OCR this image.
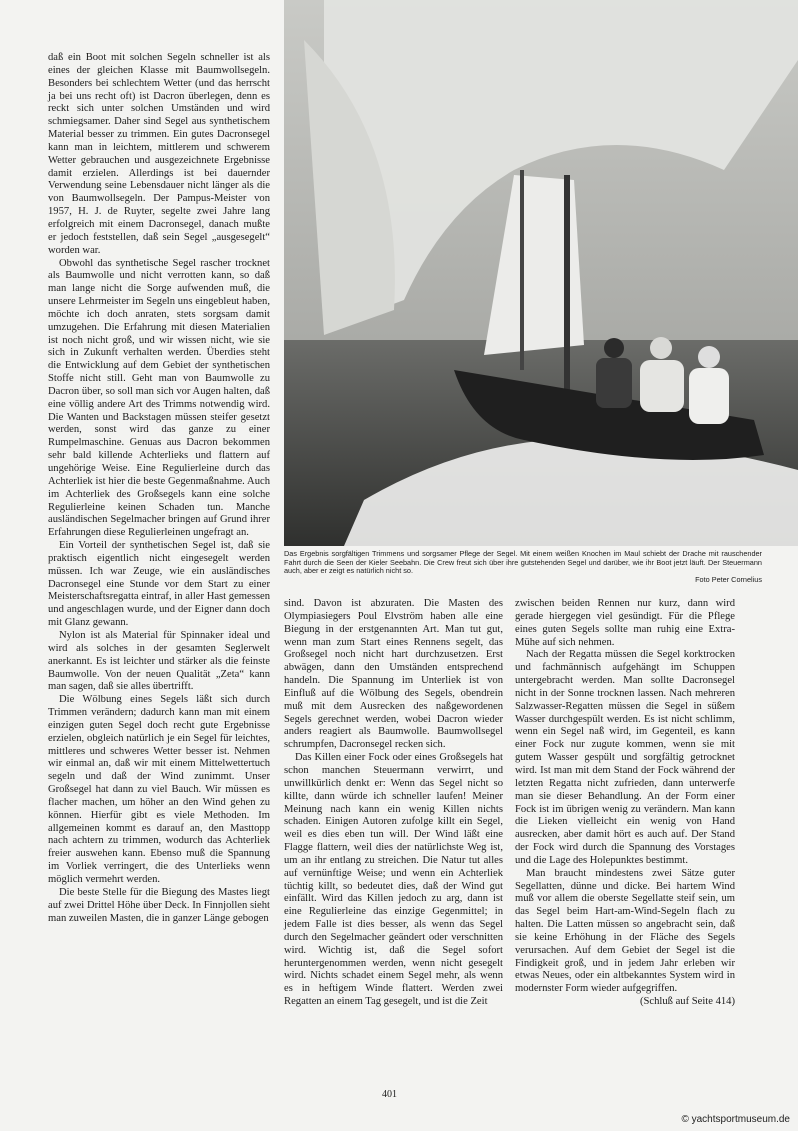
daß ein Boot mit solchen Segeln schneller ist als eines der gleichen Klasse mit Baumwollsegeln. Besonders bei schlechtem Wetter (und das herrscht ja bei uns recht oft) ist Dacron überlegen, denn es reckt sich unter solchen Umständen und wird schmiegsamer. Daher sind Segel aus synthetischem Material besser zu trimmen. Ein gutes Dacronsegel kann man in leichtem, mittlerem und schwerem Wetter gebrauchen und ausgezeichnete Ergebnisse damit erzielen. Allerdings ist bei dauernder Verwendung seine Lebensdauer nicht länger als die von Baumwollsegeln. Der Pampus-Meister von 1957, H. J. de Ruyter, segelte zwei Jahre lang erfolgreich mit einem Dacronsegel, danach mußte er jedoch feststellen, daß sein Segel „ausgesegelt“ worden war.

Obwohl das synthetische Segel rascher trocknet als Baumwolle und nicht verrotten kann, so daß man lange nicht die Sorge aufwenden muß, die unsere Lehrmeister im Segeln uns eingebleut haben, möchte ich doch anraten, stets sorgsam damit umzugehen. Die Erfahrung mit diesen Materialien ist noch nicht groß, und wir wissen nicht, wie sie sich in Zukunft verhalten werden. Überdies steht die Entwicklung auf dem Gebiet der synthetischen Stoffe nicht still. Geht man von Baumwolle zu Dacron über, so soll man sich vor Augen halten, daß eine völlig andere Art des Trimms notwendig wird. Die Wanten und Backstagen müssen steifer gesetzt werden, sonst wird das ganze zu einer Rumpelmaschine. Genuas aus Dacron bekommen sehr bald killende Achterlieks und flattern auf ungehörige Weise. Eine Regulierleine durch das Achterliek ist hier die beste Gegenmaßnahme. Auch im Achterliek des Großsegels kann eine solche Regulierleine keinen Schaden tun. Manche ausländischen Segelmacher bringen auf Grund ihrer Erfahrungen diese Regulierleinen ungefragt an.

Ein Vorteil der synthetischen Segel ist, daß sie praktisch eigentlich nicht eingesegelt werden müssen. Ich war Zeuge, wie ein ausländisches Dacronsegel eine Stunde vor dem Start zu einer Meisterschaftsregatta eintraf, in aller Hast gemessen und angeschlagen wurde, und der Eigner dann doch mit Glanz gewann.

Nylon ist als Material für Spinnaker ideal und wird als solches in der gesamten Seglerwelt anerkannt. Es ist leichter und stärker als die feinste Baumwolle. Von der neuen Qualität „Zeta“ kann man sagen, daß sie alles übertrifft.

Die Wölbung eines Segels läßt sich durch Trimmen verändern; dadurch kann man mit einem einzigen guten Segel doch recht gute Ergebnisse erzielen, obgleich natürlich je ein Segel für leichtes, mittleres und schweres Wetter besser ist. Nehmen wir einmal an, daß wir mit einem Mittelwettertuch segeln und daß der Wind zunimmt. Unser Großsegel hat dann zu viel Bauch. Wir müssen es flacher machen, um höher an den Wind gehen zu können. Hierfür gibt es viele Methoden. Im allgemeinen kommt es darauf an, den Masttopp nach achtern zu trimmen, wodurch das Achterliek freier auswehen kann. Ebenso muß die Spannung im Vorliek verringert, die des Unterlieks wenn möglich vermehrt werden.

Die beste Stelle für die Biegung des Mastes liegt auf zwei Drittel Höhe über Deck. In Finnjollen sieht man zuweilen Masten, die in ganzer Länge gebogen

Das Ergebnis sorgfältigen Trimmens und sorgsamer Pflege der Segel. Mit einem weißen Knochen im Maul schiebt der Drache mit rauschender Fahrt durch die Seen der Kieler Seebahn. Die Crew freut sich über ihre gutstehenden Segel und darüber, wie ihr Boot jetzt läuft. Der Steuermann auch, aber er zeigt es natürlich nicht so.
Foto Peter Cornelius

sind. Davon ist abzuraten. Die Masten des Olympiasiegers Poul Elvström haben alle eine Biegung in der erstgenannten Art. Man tut gut, wenn man zum Start eines Rennens segelt, das Großsegel noch nicht hart durchzusetzen. Erst abwägen, dann den Umständen entsprechend handeln. Die Spannung im Unterliek ist von Einfluß auf die Wölbung des Segels, obendrein muß mit dem Ausrecken des naßgewordenen Segels gerechnet werden, wobei Dacron wieder anders reagiert als Baumwolle. Baumwollsegel schrumpfen, Dacronsegel recken sich.

Das Killen einer Fock oder eines Großsegels hat schon manchen Steuermann verwirrt, und unwillkürlich denkt er: Wenn das Segel nicht so killte, dann würde ich schneller laufen! Meiner Meinung nach kann ein wenig Killen nichts schaden. Einigen Autoren zufolge killt ein Segel, weil es dies eben tun will. Der Wind läßt eine Flagge flattern, weil dies der natürlichste Weg ist, um an ihr entlang zu streichen. Die Natur tut alles auf vernünftige Weise; und wenn ein Achterliek tüchtig killt, so bedeutet dies, daß der Wind gut einfällt. Wird das Killen jedoch zu arg, dann ist eine Regulierleine das einzige Gegenmittel; in jedem Falle ist dies besser, als wenn das Segel durch den Segelmacher geändert oder verschnitten wird. Wichtig ist, daß die Segel sofort heruntergenommen werden, wenn nicht gesegelt wird. Nichts schadet einem Segel mehr, als wenn es in heftigem Winde flattert. Werden zwei Regatten an einem Tag gesegelt, und ist die Zeit

zwischen beiden Rennen nur kurz, dann wird gerade hiergegen viel gesündigt. Für die Pflege eines guten Segels sollte man ruhig eine Extra-Mühe auf sich nehmen.

Nach der Regatta müssen die Segel korktrocken und fachmännisch aufgehängt im Schuppen untergebracht werden. Man sollte Dacronsegel nicht in der Sonne trocknen lassen. Nach mehreren Salzwasser-Regatten müssen die Segel in süßem Wasser durchgespült werden. Es ist nicht schlimm, wenn ein Segel naß wird, im Gegenteil, es kann einer Fock nur zugute kommen, wenn sie mit gutem Wasser gespült und sorgfältig getrocknet wird. Ist man mit dem Stand der Fock während der letzten Regatta nicht zufrieden, dann unterwerfe man sie dieser Behandlung. An der Form einer Fock ist im übrigen wenig zu verändern. Man kann die Lieken vielleicht ein wenig von Hand ausrecken, aber damit hört es auch auf. Der Stand der Fock wird durch die Spannung des Vorstages und die Lage des Holepunktes bestimmt.

Man braucht mindestens zwei Sätze guter Segellatten, dünne und dicke. Bei hartem Wind muß vor allem die oberste Segellatte steif sein, um das Segel beim Hart-am-Wind-Segeln flach zu halten. Die Latten müssen so angebracht sein, daß sie keine Erhöhung in der Fläche des Segels verursachen. Auf dem Gebiet der Segel ist die Findigkeit groß, und in jedem Jahr erleben wir etwas Neues, oder ein altbekanntes System wird in modernster Form wieder aufgegriffen.

(Schluß auf Seite 414)

401
© yachtsportmuseum.de
